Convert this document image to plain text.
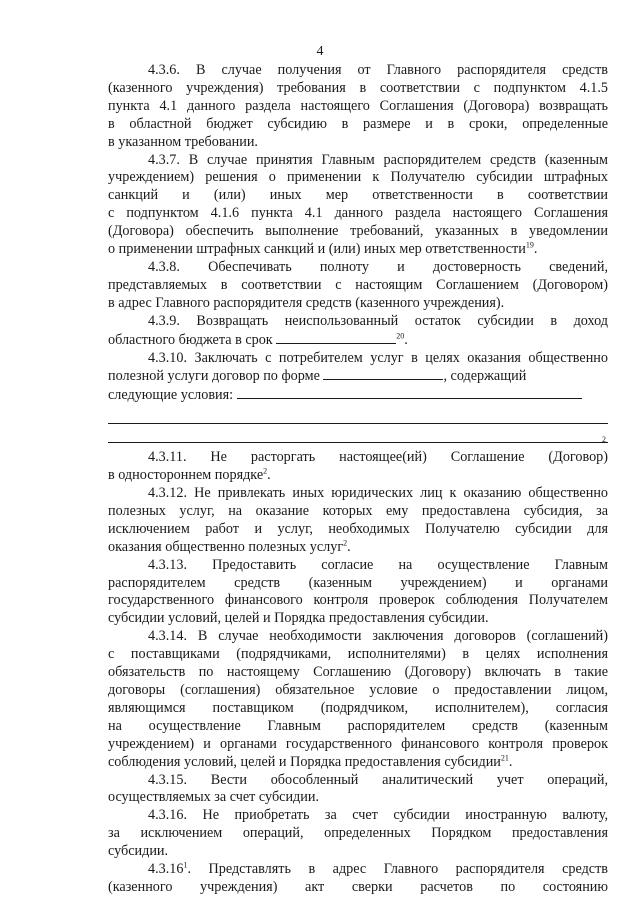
4

4.3.6. В случае получения от Главного распорядителя средств
(казенного учреждения) требования в соответствии с подпунктом 4.1.5
пункта 4.1 данного раздела настоящего Соглашения (Договора) возвращать
в областной бюджет субсидию в размере и в сроки, определенные
в указанном требовании.

4.3.7. В случае принятия Главным распорядителем средств (казенным
учреждением) решения о применении к Получателю субсидии штрафных
санкций и (или) иных мер ответственности в соответствии
с подпунктом 4.1.6 пункта 4.1 данного раздела настоящего Соглашения
(Договора) обеспечить выполнение требований, указанных в уведомлении
о применении штрафных санкций и (или) иных мер ответственности$^{19}$.

4.3.8. Обеспечивать полноту и достоверность сведений,
представляемых в соответствии с настоящим Соглашением (Договором)
в адрес Главного распорядителя средств (казенного учреждения).

4.3.9. Возвращать неиспользованный остаток субсидии в доход
областного бюджета в срок	$^{20}$.

4.3.10. Заключать с потребителем услуг в целях оказания общественно
полезной услуги договор по форме	, содержащий
следующие условия:
2

4.3.11. Не расторгать настоящее(ий) Соглашение (Договор)
в одностороннем порядке$^2$.

4.3.12. Не привлекать иных юридических лиц к оказанию общественно
полезных услуг, на оказание которых ему предоставлена субсидия, за
исключением работ и услуг, необходимых Получателю субсидии для
оказания общественно полезных услуг$^2$.

4.3.13. Предоставить согласие на осуществление Главным
распорядителем средств (казенным учреждением) и органами
государственного финансового контроля проверок соблюдения Получателем
субсидии условий, целей и Порядка предоставления субсидии.

4.3.14. В случае необходимости заключения договоров (соглашений)
с поставщиками (подрядчиками, исполнителями) в целях исполнения
обязательств по настоящему Соглашению (Договору) включать в такие
договоры (соглашения) обязательное условие о предоставлении лицом,
являющимся поставщиком (подрядчиком, исполнителем), согласия
на осуществление Главным распорядителем средств (казенным
учреждением) и органами государственного финансового контроля проверок
соблюдения условий, целей и Порядка предоставления субсидии$^{21}$.

4.3.15. Вести обособленный аналитический учет операций,
осуществляемых за счет субсидии.

4.3.16. Не приобретать за счет субсидии иностранную валюту,
за исключением операций, определенных Порядком предоставления
субсидии.

4.3.16$^1$. Представлять в адрес Главного распорядителя средств
(казенного учреждения) акт сверки расчетов по состоянию
